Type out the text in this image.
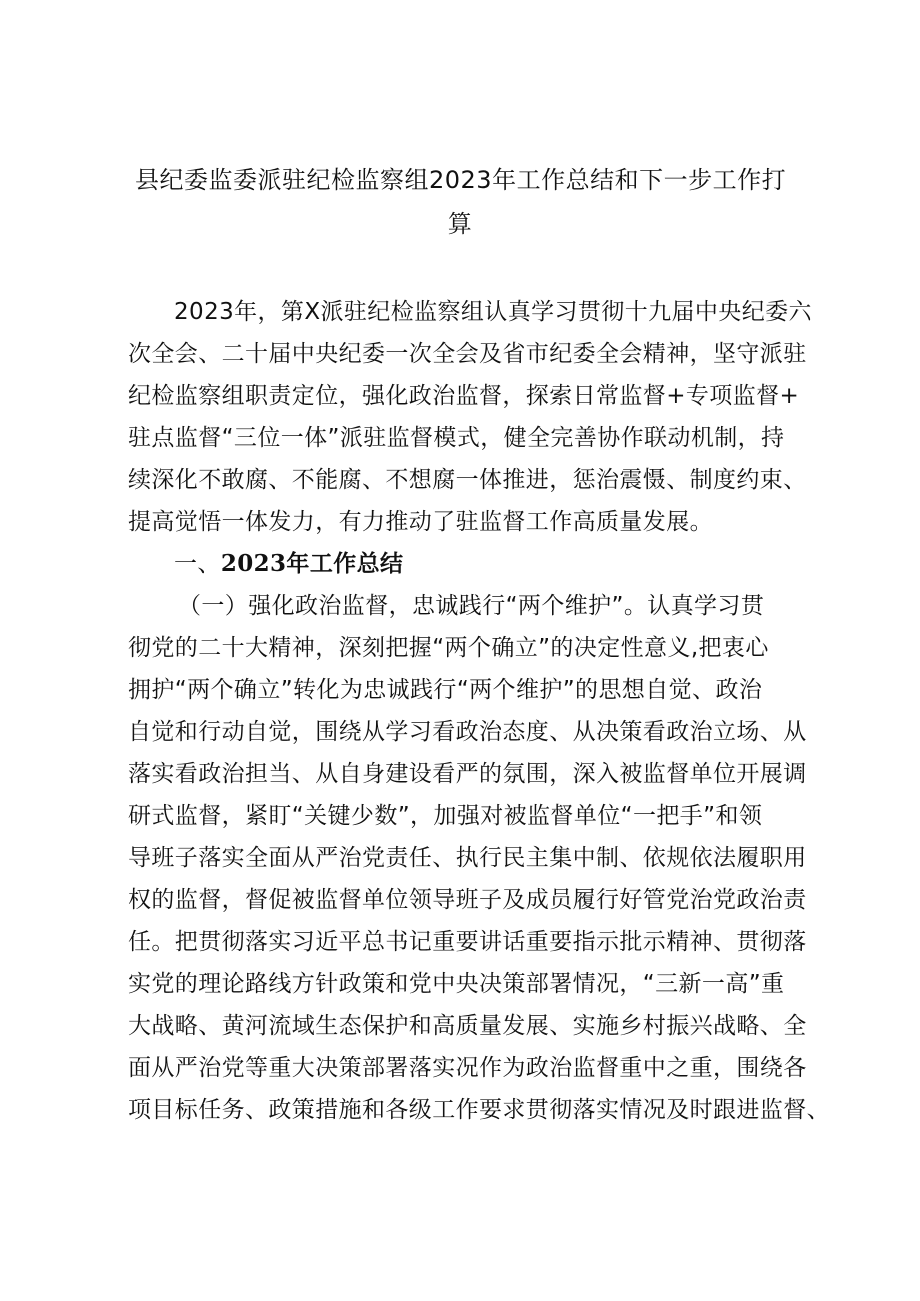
县纪委监委派驻纪检监察组2023年工作总结和下一步工作打
算
2023年，第X派驻纪检监察组认真学习贯彻十九届中央纪委六
次全会、二十届中央纪委一次全会及省市纪委全会精神，坚守派驻
纪检监察组职责定位，强化政治监督，探索日常监督+专项监督+
驻点监督“三位一体”派驻监督模式，健全完善协作联动机制，持
续深化不敢腐、不能腐、不想腐一体推进，惩治震慑、制度约束、
提高觉悟一体发力，有力推动了驻监督工作高质量发展。
一、2023年工作总结
（一）强化政治监督，忠诚践行“两个维护”。认真学习贯
彻党的二十大精神，深刻把握“两个确立”的决定性意义,把衷心
拥护“两个确立”转化为忠诚践行“两个维护”的思想自觉、政治
自觉和行动自觉，围绕从学习看政治态度、从决策看政治立场、从
落实看政治担当、从自身建设看严的氛围，深入被监督单位开展调
研式监督，紧盯“关键少数”，加强对被监督单位“一把手”和领
导班子落实全面从严治党责任、执行民主集中制、依规依法履职用
权的监督，督促被监督单位领导班子及成员履行好管党治党政治责
任。把贯彻落实习近平总书记重要讲话重要指示批示精神、贯彻落
实党的理论路线方针政策和党中央决策部署情况，“三新一高”重
大战略、黄河流域生态保护和高质量发展、实施乡村振兴战略、全
面从严治党等重大决策部署落实况作为政治监督重中之重，围绕各
项目标任务、政策措施和各级工作要求贯彻落实情况及时跟进监督、
